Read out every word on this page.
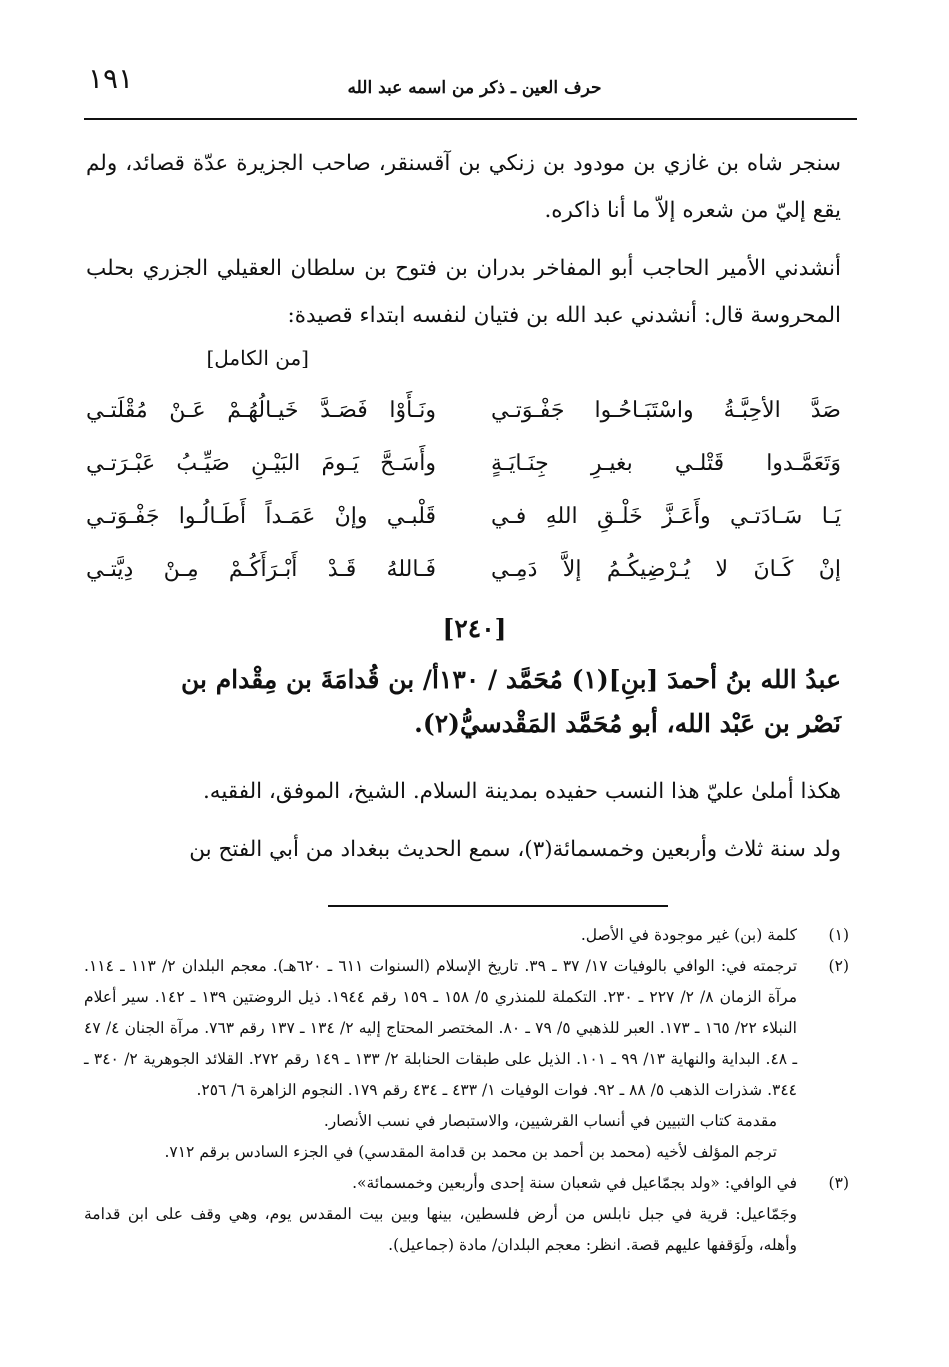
١٩١	حرف العين ـ ذكر من اسمه عبد الله
سنجر شاه بن غازي بن مودود بن زنكي بن آقسنقر، صاحب الجزيرة عدّة قصائد، ولم يقع إليّ من شعره إلاّ ما أنا ذاكره.
أنشدني الأمير الحاجب أبو المفاخر بدران بن فتوح بن سلطان العقيلي الجزري بحلب المحروسة قال: أنشدني عبد الله بن فتيان لنفسه ابتداء قصيدة:
[من الكامل]
صَدَّ الأحِبَّـةُ واسْتَبَـاحُـوا جَفْـوَتـي
ونَـأَوْا فَصَـدَّ خَيـالُهُـمْ عَـنْ مُقْلَتـي
وَتَعَمَّـدوا قَتْلـي بغيـرِ جِنَـايَـةٍ
وأَسَـحَّ يَـومَ البَيْـنِ صَيِّـبُ عَبْـرَتـي
يَـا سَـادَتـي وأَعَـزَّ خَلْـقِ اللهِ فـي
قَلْبـي وإنْ عَمَـداً أَطَـالُـوا جَفْـوَتـي
إنْ كَـانَ لا يُـرْضِيكُـمُ إلاَّ دَمِـي
فَـاللهُ قَـدْ أَبْـرَأَكُـمْ مِـنْ دِيَّتـي
[٢٤٠]
عبدُ الله بنُ أحمدَ [بنِ](١) مُحَمَّد / ١٣٠أ/ بن قُدامَةَ بن مِقْدام بن
نَصْر بن عَبْد الله، أبو مُحَمَّد المَقْدسيُّ(٢).
هكذا أملىٰ عليّ هذا النسب حفيده بمدينة السلام. الشيخ، الموفق، الفقيه.
ولد سنة ثلاث وأربعين وخمسمائة(٣)، سمع الحديث ببغداد من أبي الفتح بن
(١)
كلمة (بن) غير موجودة في الأصل.
(٢)
ترجمته في: الوافي بالوفيات ١٧/ ٣٧ ـ ٣٩. تاريخ الإسلام (السنوات ٦١١ ـ ٦٢٠هـ). معجم البلدان ٢/ ١١٣ ـ ١١٤. مرآة الزمان ٨/ ٢/ ٢٢٧ ـ ٢٣٠. التكملة للمنذري ٥/ ١٥٨ ـ ١٥٩ رقم ١٩٤٤. ذيل الروضتين ١٣٩ ـ ١٤٢. سير أعلام النبلاء ٢٢/ ١٦٥ ـ ١٧٣. العبر للذهبي ٥/ ٧٩ ـ ٨٠. المختصر المحتاج إليه ٢/ ١٣٤ ـ ١٣٧ رقم ٧٦٣. مرآة الجنان ٤/ ٤٧ ـ ٤٨. البداية والنهاية ١٣/ ٩٩ ـ ١٠١. الذيل على طبقات الحنابلة ٢/ ١٣٣ ـ ١٤٩ رقم ٢٧٢. القلائد الجوهرية ٢/ ٣٤٠ ـ ٣٤٤. شذرات الذهب ٥/ ٨٨ ـ ٩٢. فوات الوفيات ١/ ٤٣٣ ـ ٤٣٤ رقم ١٧٩. النجوم الزاهرة ٦/ ٢٥٦.
مقدمة كتاب التبيين في أنساب القرشيين، والاستبصار في نسب الأنصار.
ترجم المؤلف لأخيه (محمد بن أحمد بن محمد بن قدامة المقدسي) في الجزء السادس برقم ٧١٢.
(٣)
في الوافي: «ولد بجمّاعيل في شعبان سنة إحدى وأربعين وخمسمائة».
وجَمّاعيل: قرية في جبل نابلس من أرض فلسطين، بينها وبين بيت المقدس يوم، وهي وقف على ابن قدامة وأهله، ولَوَقفها عليهم قصة. انظر: معجم البلدان/ مادة (جماعيل).
